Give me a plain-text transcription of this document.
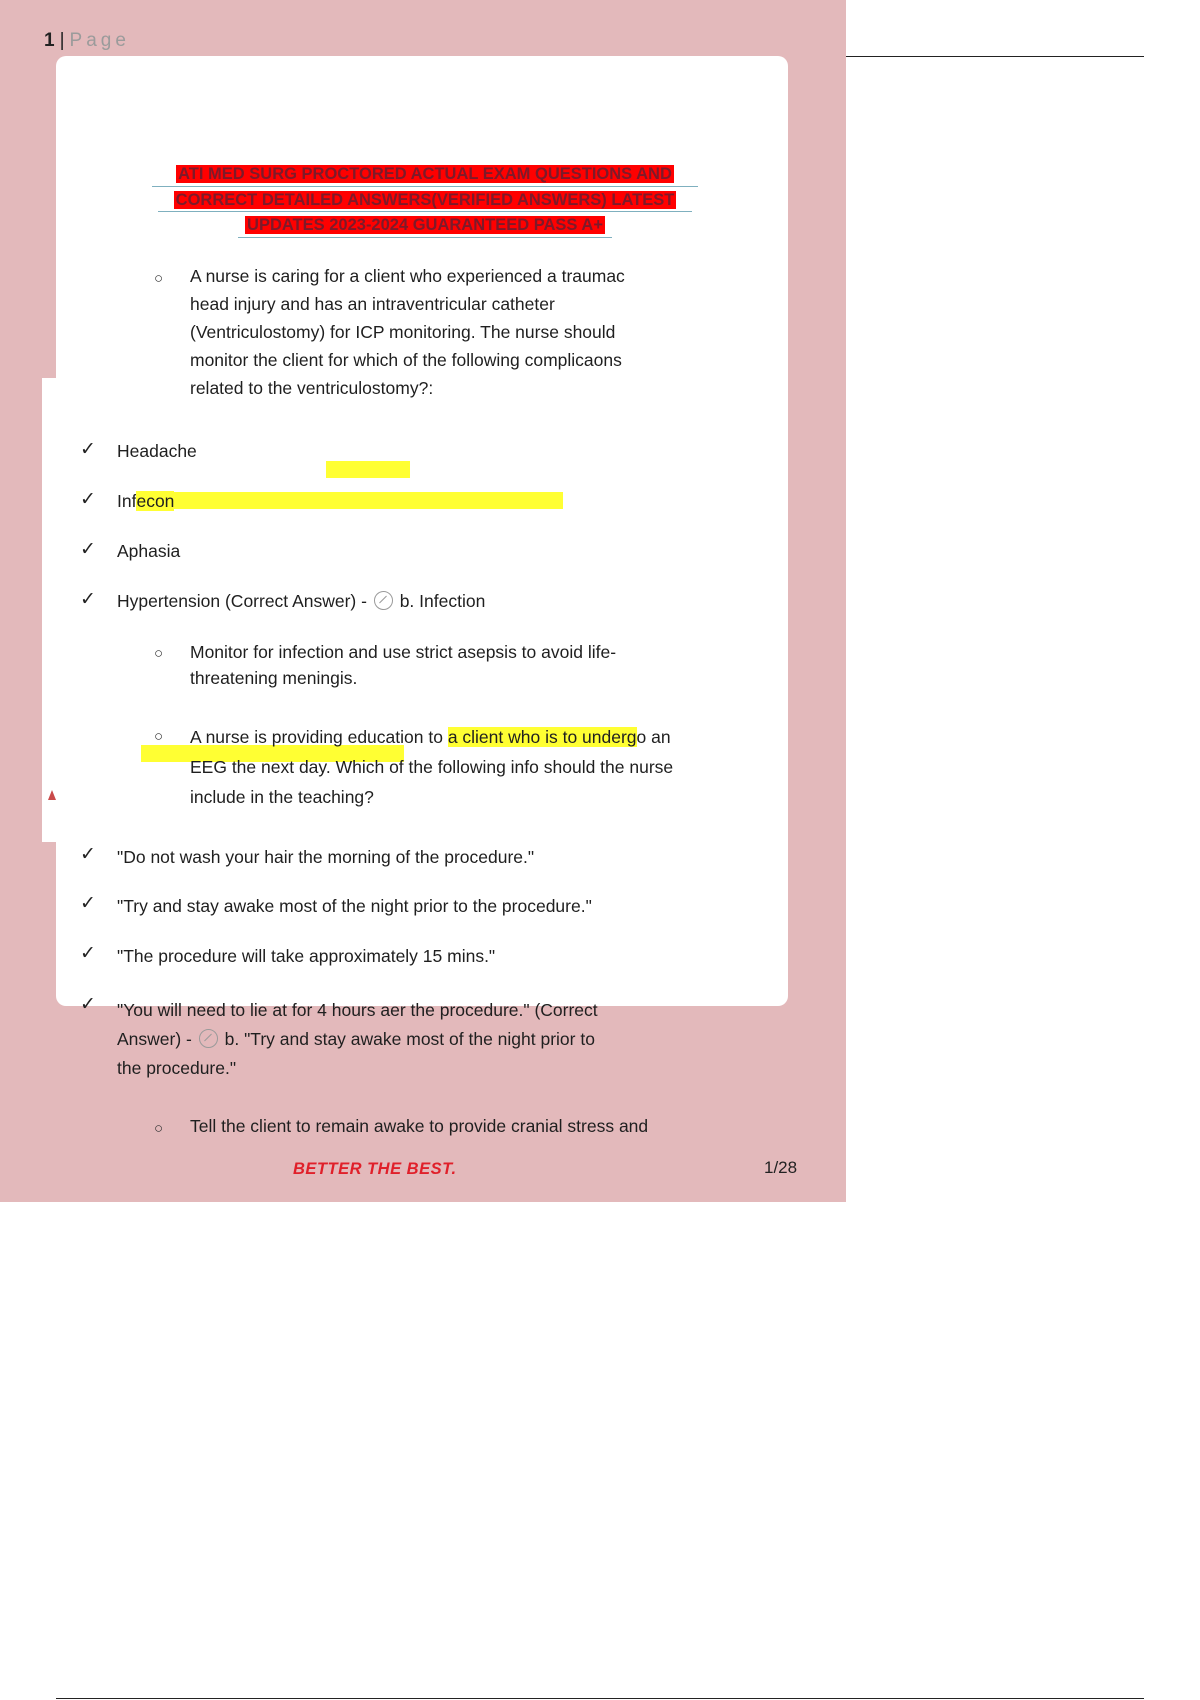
1 | Page
ATI MED SURG PROCTORED ACTUAL EXAM QUESTIONS AND
CORRECT DETAILED ANSWERS(VERIFIED ANSWERS) LATEST
UPDATES 2023-2024 GUARANTEED PASS A+
○ A nurse is caring for a client who experienced a traumac
head injury and has an intraventricular catheter
(Ventriculostomy) for ICP monitoring. The nurse should
monitor the client for which of the following complicaons
related to the ventriculostomy?:
✓ Headache
✓ Infecon
✓ Aphasia
✓ Hypertension (Correct Answer) - b. Infection
○ Monitor for infection and use strict asepsis to avoid life-
threatening meningis.
○ A nurse is providing education to a client who is to undergo an
EEG the next day. Which of the following info should the nurse
include in the teaching?
✓ "Do not wash your hair the morning of the procedure."
✓ "Try and stay awake most of the night prior to the procedure."
✓ "The procedure will take approximately 15 mins."
✓ "You will need to lie at for 4 hours aer the procedure." (Correct
Answer) - b. "Try and stay awake most of the night prior to
the procedure."
○ Tell the client to remain awake to provide cranial stress and
BETTER THE BEST.	1/28
